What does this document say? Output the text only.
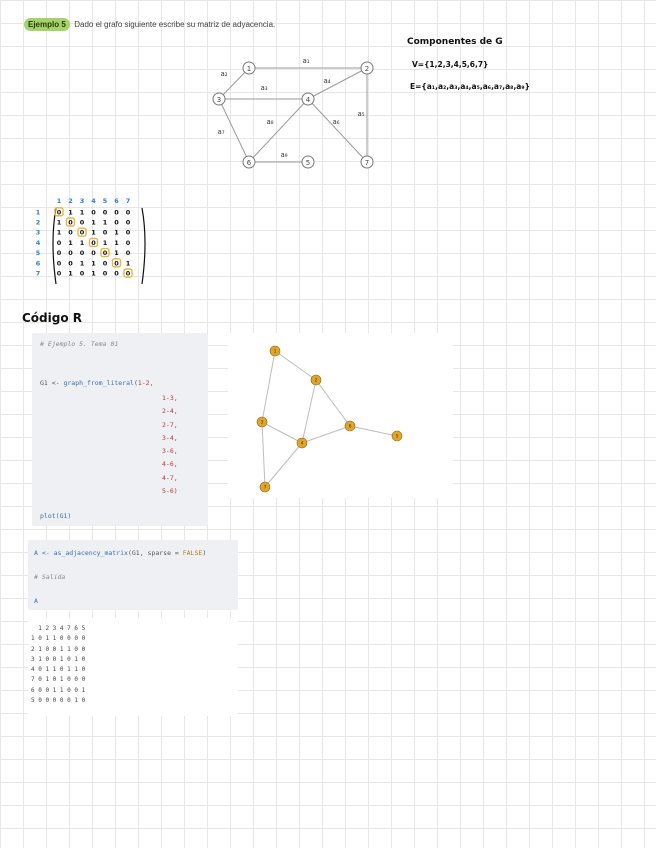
Ejemplo 5 Dado el grafo siguiente escribe su matriz de adyacencia.
1	2
3	4
5
6	7
a₁
a₂
a₃
a₄
a₅
a₆
a₇
a₈
a₉
Componentes de G
V={1,2,3,4,5,6,7}
E={a₁,a₂,a₃,a₄,a₅,a₆,a₇,a₈,a₉}
1 2 3 4 5 6 7
1	0 1 1 0 0 0 0
2	1 0 0 1 1 0 0
3	1 0 0 1 0 1 0
4	0 1 1 0 1 1 0
5	0 0 0 0 0 1 0
6	0 0 1 1 0 0 1
7	0 1 0 1 0 0 0
Código R
# Ejemplo 5. Tema 01
G1 <- graph_from_literal(1-2,
1-3,
2-4,
2-7,
3-4,
3-6,
4-6,
4-7,
5-6)
plot(G1)
1
2
3
4
6
5
7
A <- as_adjacency_matrix(G1, sparse = FALSE)
# Salida
A
1 2 3 4 7 6 5
1 0 1 1 0 0 0 0
2 1 0 0 1 1 0 0
3 1 0 0 1 0 1 0
4 0 1 1 0 1 1 0
7 0 1 0 1 0 0 0
6 0 0 1 1 0 0 1
5 0 0 0 0 0 1 0
